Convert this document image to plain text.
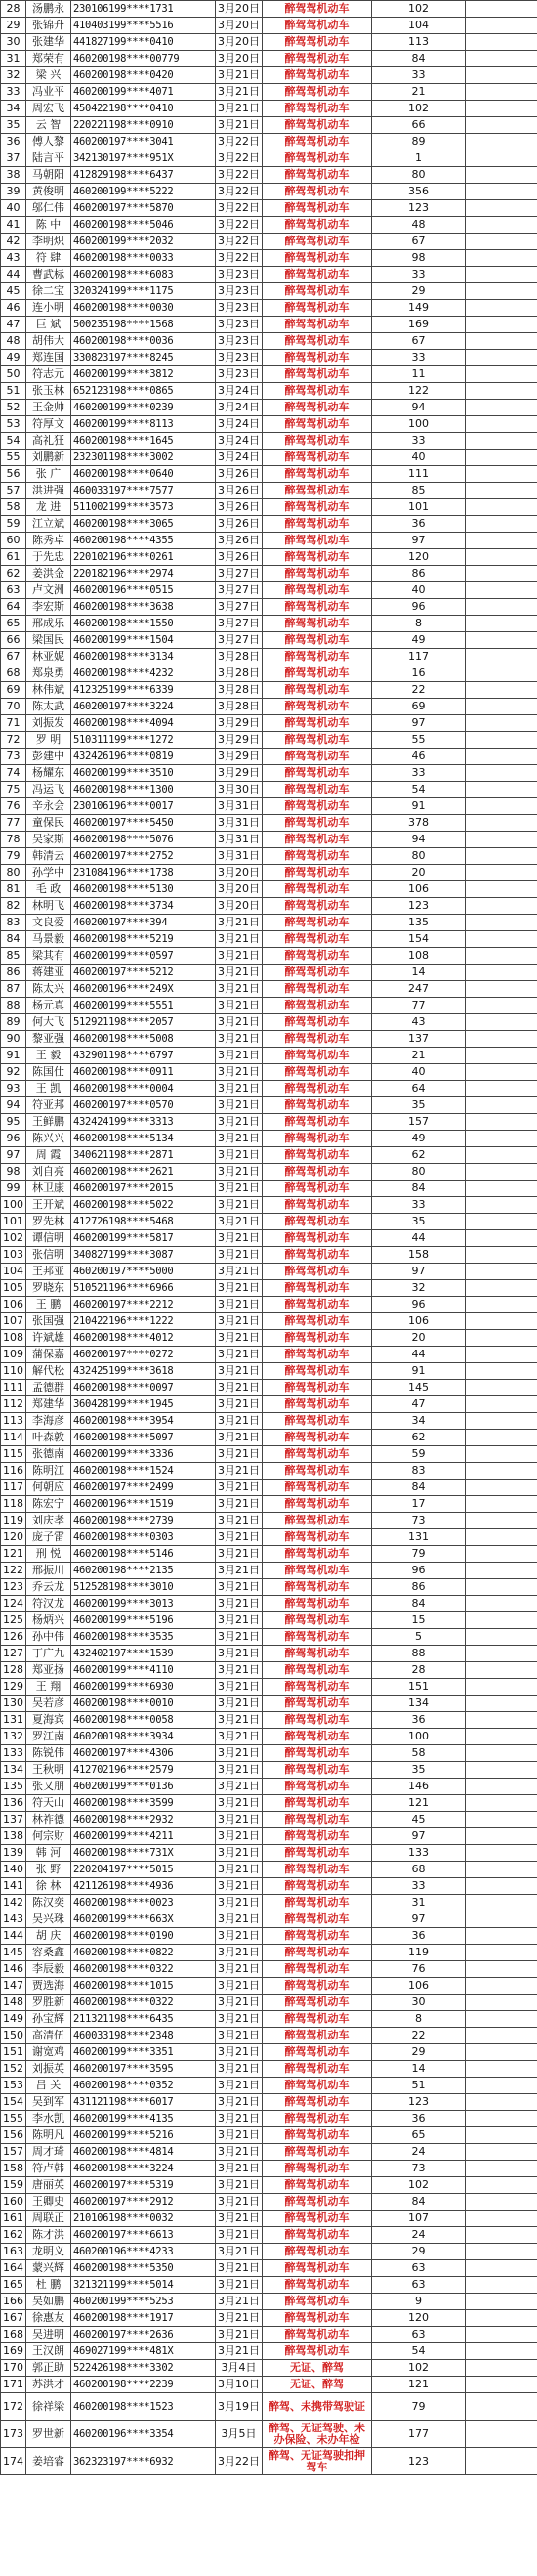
28	汤鹏永	230106199****1731	3月20日	醉驾驾机动车	102	
29	张锦升	410403199****5516	3月20日	醉驾驾机动车	104	
30	张建华	441827199****0410	3月20日	醉驾驾机动车	113	
31	郑荣有	460200198****00779	3月20日	醉驾驾机动车	84	
32	梁 兴	460200198****0420	3月21日	醉驾驾机动车	33	
33	冯业平	460200199****4071	3月21日	醉驾驾机动车	21	
34	周宏飞	450422198****0410	3月21日	醉驾驾机动车	102	
35	云 智	220221198****0910	3月21日	醉驾驾机动车	66	
36	傅人黎	460200197****3041	3月22日	醉驾驾机动车	89	
37	陆言平	342130197****951X	3月22日	醉驾驾机动车	1	
38	马朝阳	412829198****6437	3月22日	醉驾驾机动车	80	
39	黄俊明	460200199****5222	3月22日	醉驾驾机动车	356	
40	邬仁伟	460200197****5870	3月22日	醉驾驾机动车	123	
41	陈 中	460200198****5046	3月22日	醉驾驾机动车	48	
42	李明炽	460200199****2032	3月22日	醉驾驾机动车	67	
43	符 肆	460200198****0033	3月22日	醉驾驾机动车	98	
44	曹武标	460200198****6083	3月23日	醉驾驾机动车	33	
45	徐二宝	320324199****1175	3月23日	醉驾驾机动车	29	
46	连小明	460200198****0030	3月23日	醉驾驾机动车	149	
47	巨 斌	500235198****1568	3月23日	醉驾驾机动车	169	
48	胡伟大	460200198****0036	3月23日	醉驾驾机动车	67	
49	郑连国	330823197****8245	3月23日	醉驾驾机动车	33	
50	符志元	460200199****3812	3月23日	醉驾驾机动车	11	
51	张玉林	652123198****0865	3月24日	醉驾驾机动车	122	
52	王金帅	460200199****0239	3月24日	醉驾驾机动车	94	
53	符厚文	460200199****8113	3月24日	醉驾驾机动车	100	
54	高礼狂	460200198****1645	3月24日	醉驾驾机动车	33	
55	刘鹏新	232301198****3002	3月24日	醉驾驾机动车	40	
56	张 广	460200198****0640	3月26日	醉驾驾机动车	111	
57	洪进强	460033197****7577	3月26日	醉驾驾机动车	85	
58	龙 进	511002199****3573	3月26日	醉驾驾机动车	101	
59	江立斌	460200198****3065	3月26日	醉驾驾机动车	36	
60	陈秀卓	460200198****4355	3月26日	醉驾驾机动车	97	
61	于先忠	220102196****0261	3月26日	醉驾驾机动车	120	
62	姜洪金	220182196****2974	3月27日	醉驾驾机动车	86	
63	卢文洲	460200196****0515	3月27日	醉驾驾机动车	40	
64	李宏斯	460200198****3638	3月27日	醉驾驾机动车	96	
65	邢成乐	460200198****1550	3月27日	醉驾驾机动车	8	
66	梁国民	460200199****1504	3月27日	醉驾驾机动车	49	
67	林亚妮	460200198****3134	3月28日	醉驾驾机动车	117	
68	郑泉勇	460200198****4232	3月28日	醉驾驾机动车	16	
69	林伟斌	412325199****6339	3月28日	醉驾驾机动车	22	
70	陈太武	460200197****3224	3月28日	醉驾驾机动车	69	
71	刘振发	460200198****4094	3月29日	醉驾驾机动车	97	
72	罗 明	510311199****1272	3月29日	醉驾驾机动车	55	
73	彭建中	432426196****0819	3月29日	醉驾驾机动车	46	
74	杨耀东	460200199****3510	3月29日	醉驾驾机动车	33	
75	冯运飞	460200198****1300	3月30日	醉驾驾机动车	54	
76	辛永会	230106196****0017	3月31日	醉驾驾机动车	91	
77	童保民	460200197****5450	3月31日	醉驾驾机动车	378	
78	吴家斯	460200198****5076	3月31日	醉驾驾机动车	94	
79	韩清云	460200197****2752	3月31日	醉驾驾机动车	80	
80	孙学中	231084196****1738	3月20日	醉驾驾机动车	20	
81	毛 政	460200198****5130	3月20日	醉驾驾机动车	106	
82	林明飞	460200198****3734	3月20日	醉驾驾机动车	123	
83	文良爱	460200197****394	3月21日	醉驾驾机动车	135	
84	马景毅	460200198****5219	3月21日	醉驾驾机动车	154	
85	梁其有	460200199****0597	3月21日	醉驾驾机动车	108	
86	蒋建亚	460200197****5212	3月21日	醉驾驾机动车	14	
87	陈太兴	460200196****249X	3月21日	醉驾驾机动车	247	
88	杨元真	460200199****5551	3月21日	醉驾驾机动车	77	
89	何大飞	512921198****2057	3月21日	醉驾驾机动车	43	
90	黎亚强	460200198****5008	3月21日	醉驾驾机动车	137	
91	王 毅	432901198****6797	3月21日	醉驾驾机动车	21	
92	陈国仕	460200198****0911	3月21日	醉驾驾机动车	40	
93	王 凯	460200198****0004	3月21日	醉驾驾机动车	64	
94	符亚邦	460200197****0570	3月21日	醉驾驾机动车	35	
95	王鲜鹏	432424199****3313	3月21日	醉驾驾机动车	157	
96	陈兴兴	460200198****5134	3月21日	醉驾驾机动车	49	
97	周 霞	340621198****2871	3月21日	醉驾驾机动车	62	
98	刘自亮	460200198****2621	3月21日	醉驾驾机动车	80	
99	林卫康	460200197****2015	3月21日	醉驾驾机动车	84	
100	王开斌	460200198****5022	3月21日	醉驾驾机动车	33	
101	罗先林	412726198****5468	3月21日	醉驾驾机动车	35	
102	谭信明	460200199****5817	3月21日	醉驾驾机动车	44	
103	张信明	340827199****3087	3月21日	醉驾驾机动车	158	
104	王邦亚	460200197****5000	3月21日	醉驾驾机动车	97	
105	罗晓东	510521196****6966	3月21日	醉驾驾机动车	32	
106	王 鹏	460200197****2212	3月21日	醉驾驾机动车	96	
107	张国强	210422196****1222	3月21日	醉驾驾机动车	106	
108	许斌雄	460200198****4012	3月21日	醉驾驾机动车	20	
109	蒲保嘉	460200197****0272	3月21日	醉驾驾机动车	44	
110	解代松	432425199****3618	3月21日	醉驾驾机动车	91	
111	孟德群	460200198****0097	3月21日	醉驾驾机动车	145	
112	郑建华	360428199****1945	3月21日	醉驾驾机动车	47	
113	李海彦	460200198****3954	3月21日	醉驾驾机动车	34	
114	叶森敦	460200198****5097	3月21日	醉驾驾机动车	62	
115	张德南	460200199****3336	3月21日	醉驾驾机动车	59	
116	陈明江	460200198****1524	3月21日	醉驾驾机动车	83	
117	何朝应	460200197****2499	3月21日	醉驾驾机动车	84	
118	陈宏宁	460200196****1519	3月21日	醉驾驾机动车	17	
119	刘庆孝	460200198****2739	3月21日	醉驾驾机动车	73	
120	庞子雷	460200198****0303	3月21日	醉驾驾机动车	131	
121	刑 悦	460200198****5146	3月21日	醉驾驾机动车	79	
122	邢振川	460200198****2135	3月21日	醉驾驾机动车	96	
123	乔云龙	512528198****3010	3月21日	醉驾驾机动车	86	
124	符汉龙	460200199****3013	3月21日	醉驾驾机动车	84	
125	杨炳兴	460200199****5196	3月21日	醉驾驾机动车	15	
126	孙中伟	460200198****3535	3月21日	醉驾驾机动车	5	
127	丁广九	432402197****1539	3月21日	醉驾驾机动车	88	
128	郑亚扬	460200199****4110	3月21日	醉驾驾机动车	28	
129	王 翔	460200199****6930	3月21日	醉驾驾机动车	151	
130	吴若彦	460200198****0010	3月21日	醉驾驾机动车	134	
131	夏海宾	460200198****0058	3月21日	醉驾驾机动车	36	
132	罗江南	460200198****3934	3月21日	醉驾驾机动车	100	
133	陈锐伟	460200197****4306	3月21日	醉驾驾机动车	58	
134	王秋明	412702196****2579	3月21日	醉驾驾机动车	35	
135	张又朋	460200199****0136	3月21日	醉驾驾机动车	146	
136	符天山	460200198****3599	3月21日	醉驾驾机动车	121	
137	林祚德	460200198****2932	3月21日	醉驾驾机动车	45	
138	何宗财	460200199****4211	3月21日	醉驾驾机动车	97	
139	韩 河	460200198****731X	3月21日	醉驾驾机动车	133	
140	张 野	220204197****5015	3月21日	醉驾驾机动车	68	
141	徐 林	421126198****4936	3月21日	醉驾驾机动车	33	
142	陈汉奕	460200198****0023	3月21日	醉驾驾机动车	31	
143	吴兴珠	460200199****663X	3月21日	醉驾驾机动车	97	
144	胡 庆	460200198****0190	3月21日	醉驾驾机动车	36	
145	容桑鑫	460200198****0822	3月21日	醉驾驾机动车	119	
146	李辰毅	460200198****0322	3月21日	醉驾驾机动车	76	
147	贾选海	460200198****1015	3月21日	醉驾驾机动车	106	
148	罗胜新	460200198****0322	3月21日	醉驾驾机动车	30	
149	孙宝辉	211321198****6435	3月21日	醉驾驾机动车	8	
150	高清伍	460033198****2348	3月21日	醉驾驾机动车	22	
151	谢宽鸡	460200199****3351	3月21日	醉驾驾机动车	29	
152	刘振英	460200197****3595	3月21日	醉驾驾机动车	14	
153	吕 关	460200198****0352	3月21日	醉驾驾机动车	51	
154	吴到军	431121198****6017	3月21日	醉驾驾机动车	123	
155	李水凯	460200199****4135	3月21日	醉驾驾机动车	36	
156	陈明凡	460200199****5216	3月21日	醉驾驾机动车	65	
157	周才琦	460200198****4814	3月21日	醉驾驾机动车	24	
158	符卢韩	460200198****3224	3月21日	醉驾驾机动车	73	
159	唐丽英	460200197****5319	3月21日	醉驾驾机动车	102	
160	王卿史	460200197****2912	3月21日	醉驾驾机动车	84	
161	周联正	210106198****0032	3月21日	醉驾驾机动车	107	
162	陈才洪	460200197****6613	3月21日	醉驾驾机动车	24	
163	龙明义	460200196****4233	3月21日	醉驾驾机动车	29	
164	蒙兴辉	460200198****5350	3月21日	醉驾驾机动车	63	
165	杜 鹏	321321199****5014	3月21日	醉驾驾机动车	63	
166	吴如鹏	460200199****5253	3月21日	醉驾驾机动车	9	
167	徐惠友	460200198****1917	3月21日	醉驾驾机动车	120	
168	吴进明	460200197****2636	3月21日	醉驾驾机动车	63	
169	王汉朗	469027199****481X	3月21日	醉驾驾机动车	54	
170	郭正助	522426198****3302	3月4日	无证、醉驾	102	
171	苏洪才	460200198****2239	3月10日	无证、醉驾	121	
172	徐祥梁	460200198****1523	3月19日	醉驾、未携带驾驶证	79	
173	罗世新	460200196****3354	3月5日	醉驾、无证驾驶、未办保险、未办年检	177	
174	姜培睿	362323197****6932	3月22日	醉驾、无证驾驶扣押驾车	123	
